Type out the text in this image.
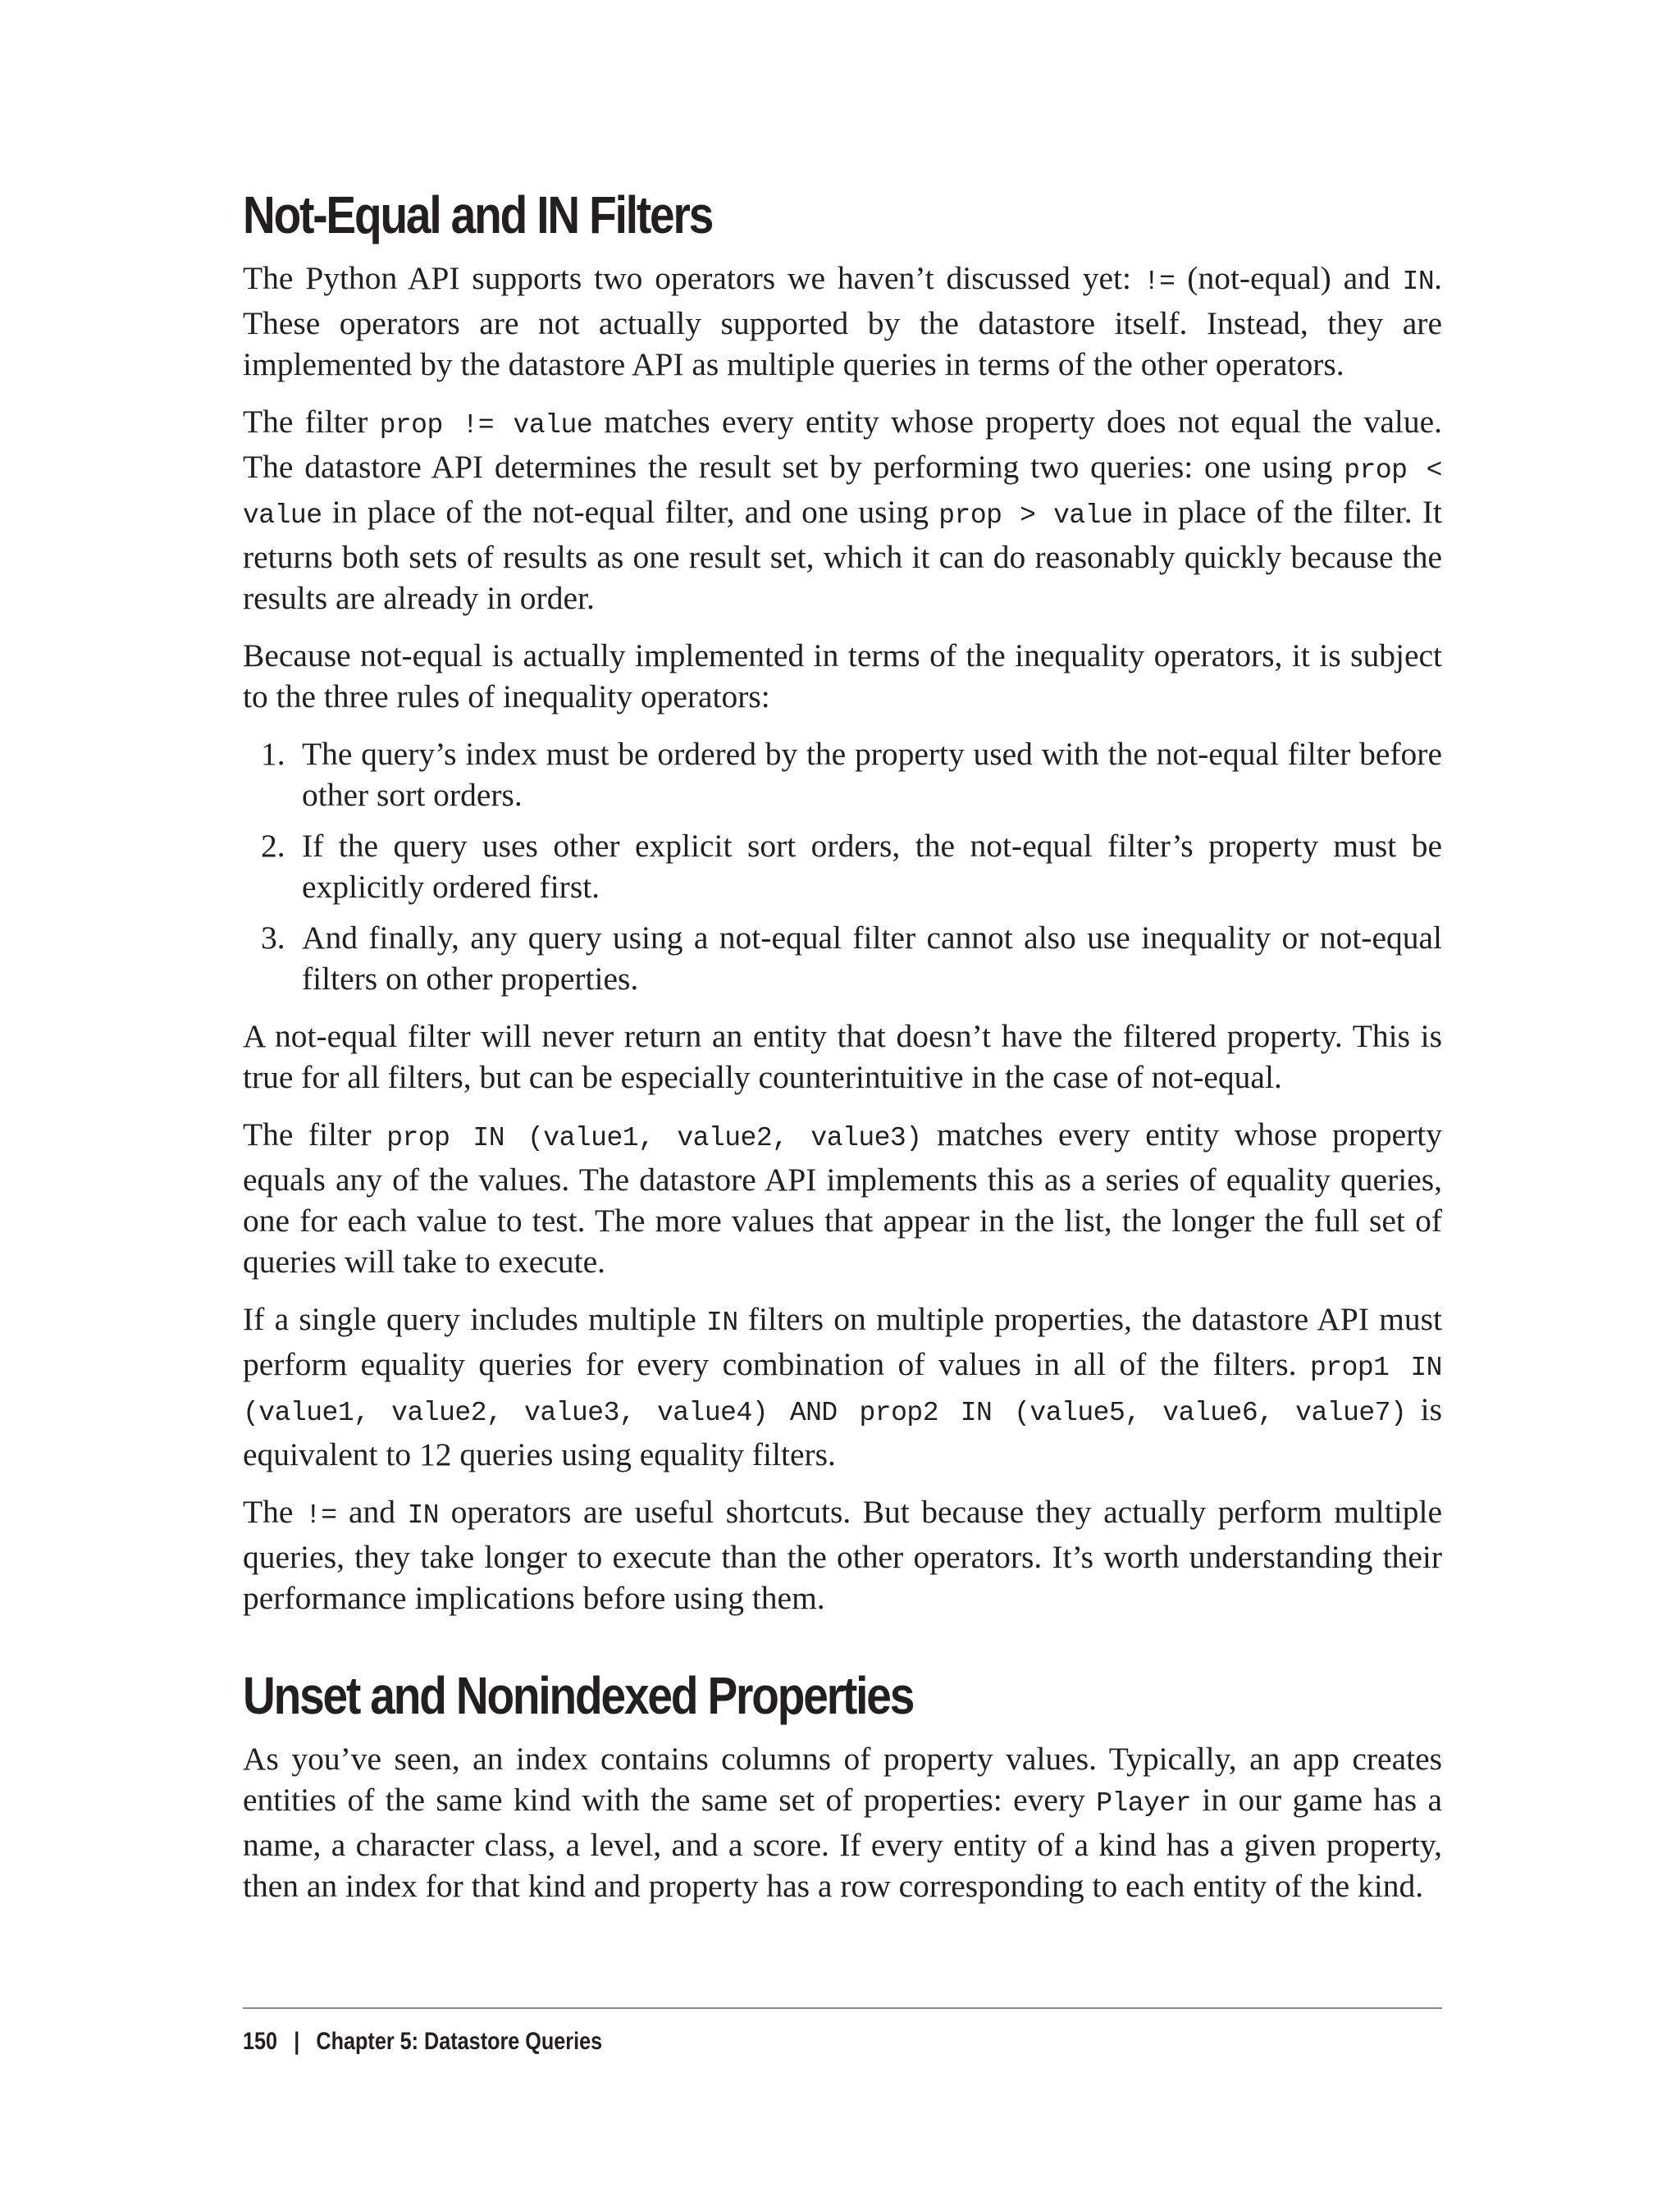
Not-Equal and IN Filters

The Python API supports two operators we haven’t discussed yet: != (not-equal) and IN. These operators are not actually supported by the datastore itself. Instead, they are implemented by the datastore API as multiple queries in terms of the other operators.

The filter prop != value matches every entity whose property does not equal the value. The datastore API determines the result set by performing two queries: one using prop < value in place of the not-equal filter, and one using prop > value in place of the filter. It returns both sets of results as one result set, which it can do reasonably quickly because the results are already in order.

Because not-equal is actually implemented in terms of the inequality operators, it is subject to the three rules of inequality operators:

1. The query’s index must be ordered by the property used with the not-equal filter before other sort orders.
2. If the query uses other explicit sort orders, the not-equal filter’s property must be explicitly ordered first.
3. And finally, any query using a not-equal filter cannot also use inequality or not-equal filters on other properties.

A not-equal filter will never return an entity that doesn’t have the filtered property. This is true for all filters, but can be especially counterintuitive in the case of not-equal.

The filter prop IN (value1, value2, value3) matches every entity whose property equals any of the values. The datastore API implements this as a series of equality queries, one for each value to test. The more values that appear in the list, the longer the full set of queries will take to execute.

If a single query includes multiple IN filters on multiple properties, the datastore API must perform equality queries for every combination of values in all of the filters. prop1 IN (value1, value2, value3, value4) AND prop2 IN (value5, value6, value7) is equivalent to 12 queries using equality filters.

The != and IN operators are useful shortcuts. But because they actually perform multiple queries, they take longer to execute than the other operators. It’s worth understanding their performance implications before using them.

Unset and Nonindexed Properties

As you’ve seen, an index contains columns of property values. Typically, an app creates entities of the same kind with the same set of properties: every Player in our game has a name, a character class, a level, and a score. If every entity of a kind has a given property, then an index for that kind and property has a row corresponding to each entity of the kind.

150 | Chapter 5: Datastore Queries
